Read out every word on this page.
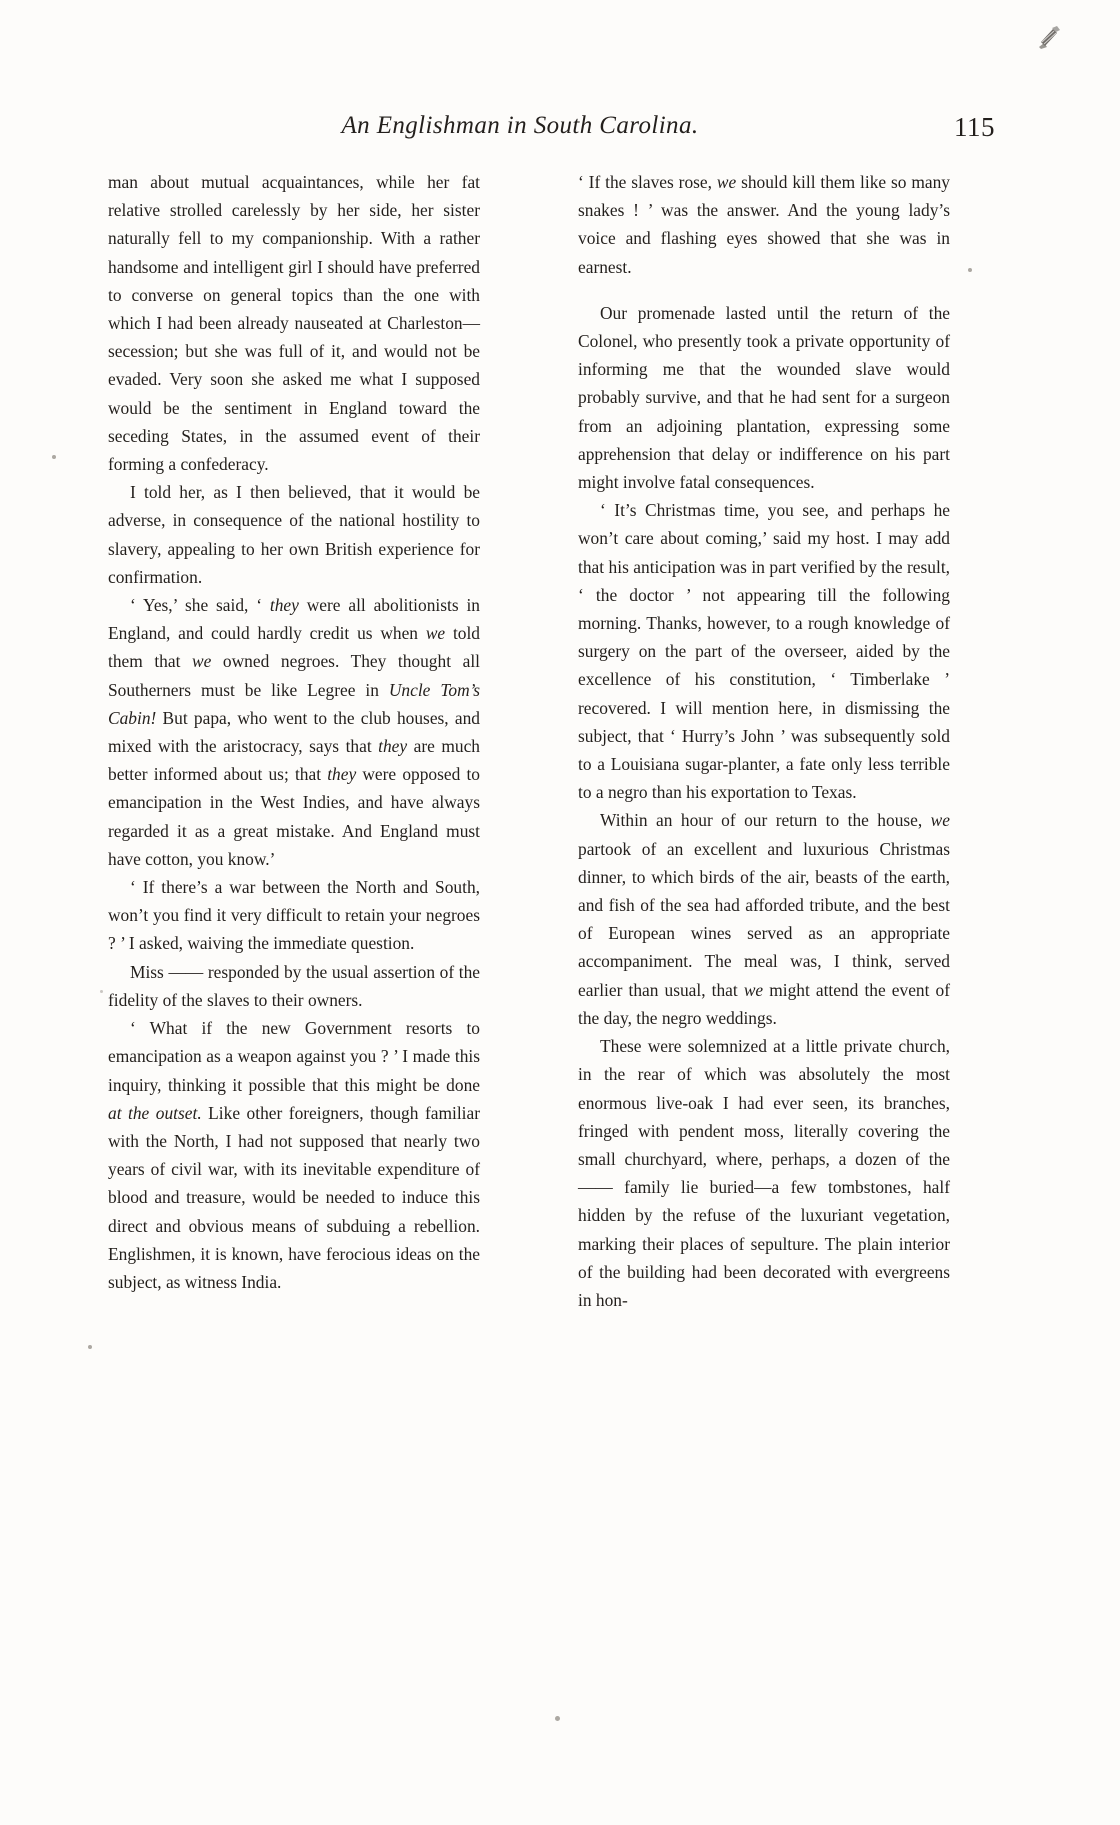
An Englishman in South Carolina.	115

man about mutual acquaintances, while her fat relative strolled carelessly by her side, her sister naturally fell to my companionship. With a rather handsome and intelligent girl I should have preferred to converse on general topics than the one with which I had been already nauseated at Charleston—secession; but she was full of it, and would not be evaded. Very soon she asked me what I supposed would be the sentiment in England toward the seceding States, in the assumed event of their forming a confederacy.

I told her, as I then believed, that it would be adverse, in consequence of the national hostility to slavery, appealing to her own British experience for confirmation.

‘ Yes,’ she said, ‘ they were all abolitionists in England, and could hardly credit us when we told them that we owned negroes. They thought all Southerners must be like Legree in Uncle Tom’s Cabin! But papa, who went to the club houses, and mixed with the aristocracy, says that they are much better informed about us; that they were opposed to emancipation in the West Indies, and have always regarded it as a great mistake. And England must have cotton, you know.’

‘ If there’s a war between the North and South, won’t you find it very difficult to retain your negroes ? ’ I asked, waiving the immediate question.

Miss —— responded by the usual assertion of the fidelity of the slaves to their owners.

‘ What if the new Government resorts to emancipation as a weapon against you ? ’ I made this inquiry, thinking it possible that this might be done at the outset. Like other foreigners, though familiar with the North, I had not supposed that nearly two years of civil war, with its inevitable expenditure of blood and treasure, would be needed to induce this direct and obvious means of subduing a rebellion. Englishmen, it is known, have ferocious ideas on the subject, as witness India.

‘ If the slaves rose, we should kill them like so many snakes ! ’ was the answer. And the young lady’s voice and flashing eyes showed that she was in earnest.

Our promenade lasted until the return of the Colonel, who presently took a private opportunity of informing me that the wounded slave would probably survive, and that he had sent for a surgeon from an adjoining plantation, expressing some apprehension that delay or indifference on his part might involve fatal consequences.

‘ It’s Christmas time, you see, and perhaps he won’t care about coming,’ said my host. I may add that his anticipation was in part verified by the result, ‘ the doctor ’ not appearing till the following morning. Thanks, however, to a rough knowledge of surgery on the part of the overseer, aided by the excellence of his constitution, ‘ Timberlake ’ recovered. I will mention here, in dismissing the subject, that ‘ Hurry’s John ’ was subsequently sold to a Louisiana sugar-planter, a fate only less terrible to a negro than his exportation to Texas.

Within an hour of our return to the house, we partook of an excellent and luxurious Christmas dinner, to which birds of the air, beasts of the earth, and fish of the sea had afforded tribute, and the best of European wines served as an appropriate accompaniment. The meal was, I think, served earlier than usual, that we might attend the event of the day, the negro weddings.

These were solemnized at a little private church, in the rear of which was absolutely the most enormous live-oak I had ever seen, its branches, fringed with pendent moss, literally covering the small churchyard, where, perhaps, a dozen of the —— family lie buried—a few tombstones, half hidden by the refuse of the luxuriant vegetation, marking their places of sepulture. The plain interior of the building had been decorated with evergreens in hon-
